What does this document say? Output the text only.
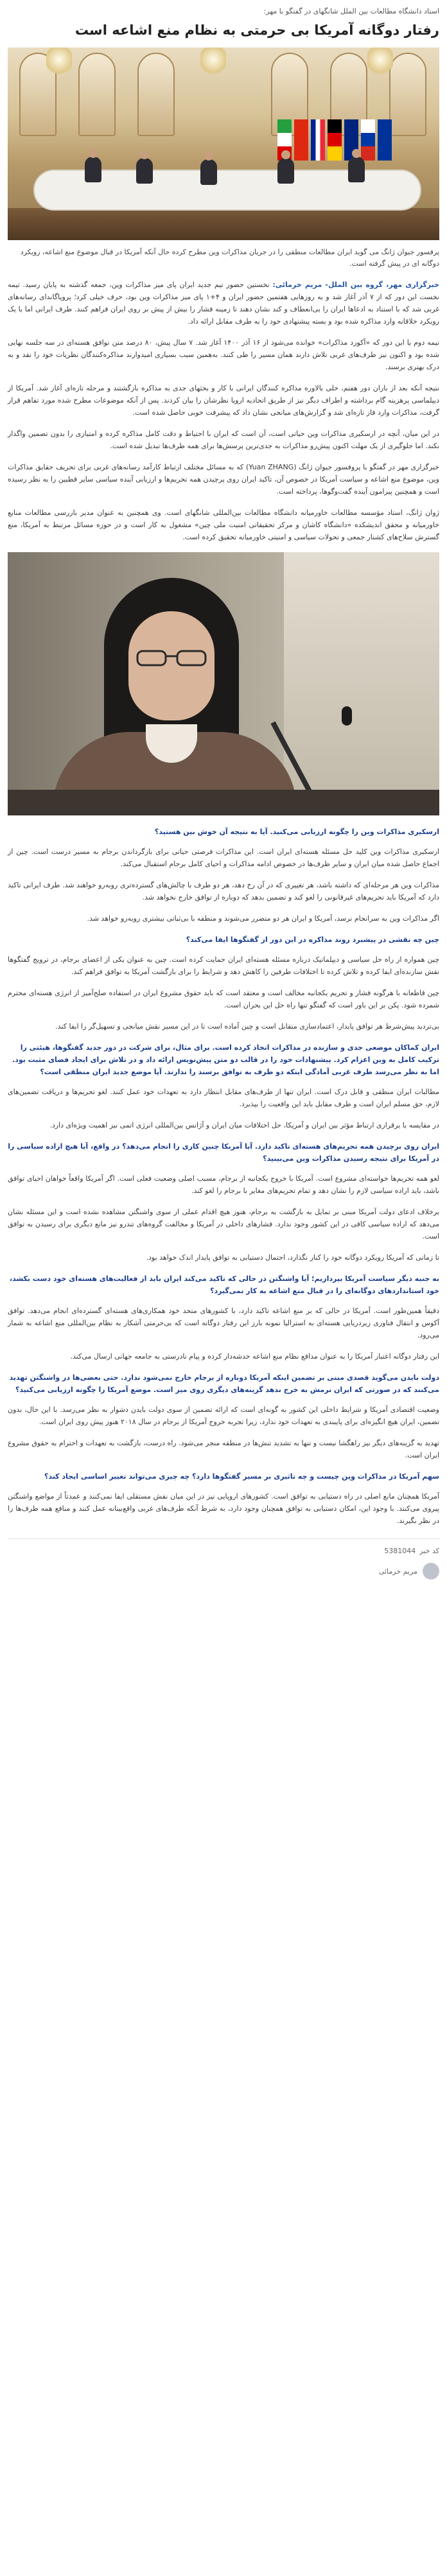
استاد دانشگاه مطالعات بین الملل شانگهای در گفتگو با مهر:
رفتار دوگانه آمریکا بی حرمتی به نظام منع اشاعه است
پرفسور جیوان ژانگ می گوید ایران مطالعات منطقی را در جریان مذاکرات وین مطرح کرده حال آنکه آمریکا در قبال موضوع منع اشاعه، رویکرد دوگانه ای در پیش گرفته است.

خبرگزاری مهر، گروه بین الملل- مریم خرمائی: نخستین حضور تیم جدید ایران پای میز مذاکرات وین، جمعه گذشته به پایان رسید. تیمه نخست این دور که از ۷ آذر آغاز شد و به روزهایی هفتمین حضور ایران و ۴+۱ پای میز مذاکرات وین بود، حرف خیلی کرد؛ پروپاگاندای رسانه‌های غربی شد که با استناد به ادعاها ایران را بی‌انعطاف و کند نشان دهند تا زمینه فشار را بیش از پیش بر روی ایران فراهم کنند. طرف ایرانی اما با یک رویکرد خلاقانه وارد مذاکره شده بود و بسته پیشنهادی خود را به طرف مقابل ارائه داد.

تیمه دوم یا این دور که «آکورد مذاکرات» خوانده می‌شود از ۱۶ آذر ۱۴۰۰ آغاز شد. ۷ سال پیش، ۸۰ درصد متن توافق هسته‌ای در سه جلسه نهایی شده بود و اکنون نیز طرف‌های غربی تلاش دارند همان مسیر را طی کنند. به‌همین سبب بسیاری امیدوارند مذاکره‌کنندگان نظریات خود را نقد و به درک بهتری برسند.

نتیجه آنکه بعد از باران دور هفتم، خلی بالاوره مذاکره کنندگان ایرانی با کار و بحثهای جدی به مذاکره بازگشتند و مرحله تازه‌ای آغاز شد. آمریکا از دیپلماسی پرهزینه گام برداشته و اطراف دیگر نیز از طریق اتحادیه اروپا نظرشان را بیان کردند. پس از آنکه موضوعات مطرح شده مورد تفاهم قرار گرفت، مذاکرات وارد فاز تازه‌ای شد و گزارش‌های میانجی نشان داد که پیشرفت خوبی حاصل شده است.

در این میان، آنچه در ارسکیری مذاکرات وین حیاتی است، آن است که ایران با احتیاط و دقت کامل مذاکره کرده و امتیازی را بدون تضمین واگذار نکند. اما جلوگیری از یک مهلت اکنون پیش‌رو مذاکرات به جدی‌ترین پرسش‌ها برای همه طرف‌ها تبدیل شده است.

خبرگزاری مهر در گفتگو با پروفسور جیوان ژانگ (Yuan ZHANG) که به مسائل مختلف ارتباط کارآمد رسانه‌های غربی برای تحریف حقایق مذاکرات وین، موضوع منع اشاعه و سیاست آمریکا در خصوص آن، تاکید ایران روی پرچیدن همه تحریم‌ها و ارزیابی آینده سیاسی سایر قطبین را به نظر رسیده است و همچنین پیرامون آینده گفت‌وگوها، پرداخته است.

ژوان ژانگ، استاد مؤسسه مطالعات خاورمیانه دانشگاه مطالعات بین‌المللی شانگهای است. وی همچنین به عنوان مدیر بازرسی مطالعات منابع خاورمیانه و محقق اندیشکده «دانشگاه کاشان و مرکز تحقیقاتی امنیت ملی چین» مشغول به کار است و در حوزه مسائل مرتبط به آمریکا، منع گسترش سلاح‌های کشتار جمعی و تحولات سیاسی و امنیتی خاورمیانه تحقیق کرده است.

ارسکیری مذاکرات وین را چگونه ارزیابی می‌کنید. آیا به نتیجه آن خوش بین هستید؟

ارسکیری مذاکرات وین کلید حل مسئله هسته‌ای ایران است. این مذاکرات فرصتی حیاتی برای بازگرداندن برجام به مسیر درست است. چین از اجماع حاصل شده میان ایران و سایر طرف‌ها در خصوص ادامه مذاکرات و احیای کامل برجام استقبال می‌کند.

مذاکرات وین هر مرحله‌ای که داشته باشد، هر تغییری که در آن رخ دهد، هر دو طرف با چالش‌های گسترده‌تری روبه‌رو خواهند شد. طرف ایرانی تاکید دارد که آمریکا باید تحریم‌های غیرقانونی را لغو کند و تضمین بدهد که دوباره از توافق خارج نخواهد شد.

اگر مذاکرات وین به سرانجام نرسد، آمریکا و ایران هر دو متضرر می‌شوند و منطقه با بی‌ثباتی بیشتری روبه‌رو خواهد شد.

چین چه نقشی در پیشبرد روند مذاکره در این دور از گفتگوها ایفا می‌کند؟

چین همواره از راه حل سیاسی و دیپلماتیک درباره مسئله هسته‌ای ایران حمایت کرده است. چین به عنوان یکی از اعضای برجام، در ترویج گفتگوها نقش سازنده‌ای ایفا کرده و تلاش کرده تا اختلافات طرفین را کاهش دهد و شرایط را برای بازگشت آمریکا به توافق فراهم کند.

چین قاطعانه با هرگونه فشار و تحریم یکجانبه مخالف است و معتقد است که باید حقوق مشروع ایران در استفاده صلح‌آمیز از انرژی هسته‌ای محترم شمرده شود. پکن بر این باور است که گفتگو تنها راه حل این بحران است.

بی‌تردید پیش‌شرط هر توافق پایدار، اعتمادسازی متقابل است و چین آماده است تا در این مسیر نقش میانجی و تسهیل‌گر را ایفا کند.

ایران کماکان موضعی جدی و سازنده در مذاکرات اتخاذ کرده است. برای مثال، برای شرکت در دور جدید گفتگوها، هیئتی را ترکیب کامل به وین اعزام کرد. پیشنهادات خود را در قالب دو متن پیش‌نویس ارائه داد و در تلاش برای ایجاد فضای مثبت بود. اما به نظر می‌رسد طرف غربی آمادگی اینکه دو طرف به توافق برسند را ندارند. آیا موضع جدید ایران منطقی است؟

مطالبات ایران منطقی و قابل درک است. ایران تنها از طرف‌های مقابل انتظار دارد به تعهدات خود عمل کنند. لغو تحریم‌ها و دریافت تضمین‌های لازم، حق مسلم ایران است و طرف مقابل باید این واقعیت را بپذیرد.

در مقایسه با برقراری ارتباط مؤثر بین ایران و آمریکا، حل اختلافات میان ایران و آژانس بین‌المللی انرژی اتمی نیز اهمیت ویژه‌ای دارد.

ایران روی برچیدن همه تحریم‌های هسته‌ای تاکید دارد. آیا آمریکا چنین کاری را انجام می‌دهد؟ در واقع، آیا هیچ اراده سیاسی را در آمریکا برای نتیجه رسیدن مذاکرات وین می‌بینید؟

لغو همه تحریم‌ها خواسته‌ای مشروع است. آمریکا با خروج یکجانبه از برجام، مسبب اصلی وضعیت فعلی است. اگر آمریکا واقعاً خواهان احیای توافق باشد، باید اراده سیاسی لازم را نشان دهد و تمام تحریم‌های مغایر با برجام را لغو کند.

برخلاف ادعای دولت آمریکا مبنی بر تمایل به بازگشت به برجام، هنوز هیچ اقدام عملی از سوی واشنگتن مشاهده نشده است و این مسئله نشان می‌دهد که اراده سیاسی کافی در این کشور وجود ندارد. فشارهای داخلی در آمریکا و مخالفت گروه‌های تندرو نیز مانع دیگری برای رسیدن به توافق است.

تا زمانی که آمریکا رویکرد دوگانه خود را کنار نگذارد، احتمال دستیابی به توافق پایدار اندک خواهد بود.

به جنبه دیگر سیاست آمریکا بپردازیم؛ آیا واشنگتن در حالی که تاکید می‌کند ایران باید از فعالیت‌های هسته‌ای خود دست بکشد، خود استانداردهای دوگانه‌ای را در قبال منع اشاعه به کار نمی‌گیرد؟

دقیقاً همین‌طور است. آمریکا در حالی که بر منع اشاعه تاکید دارد، با کشورهای متحد خود همکاری‌های هسته‌ای گسترده‌ای انجام می‌دهد. توافق آکوس و انتقال فناوری زیردریایی هسته‌ای به استرالیا نمونه بارز این رفتار دوگانه است که بی‌حرمتی آشکار به نظام بین‌المللی منع اشاعه به شمار می‌رود.

این رفتار دوگانه اعتبار آمریکا را به عنوان مدافع نظام منع اشاعه خدشه‌دار کرده و پیام نادرستی به جامعه جهانی ارسال می‌کند.

دولت بایدن می‌گوید قصدی مبنی بر تضمین اینکه آمریکا دوباره از برجام خارج نمی‌شود ندارد. حتی بعضی‌ها در واشنگتن تهدید می‌کنند که در صورتی که ایران نرمش به خرج ندهد گزینه‌های دیگری روی میز است. موضع آمریکا را چگونه ارزیابی می‌کنید؟

وضعیت اقتصادی آمریکا و شرایط داخلی این کشور به گونه‌ای است که ارائه تضمین از سوی دولت بایدن دشوار به نظر می‌رسد. با این حال، بدون تضمین، ایران هیچ انگیزه‌ای برای پایبندی به تعهدات خود ندارد، زیرا تجربه خروج آمریکا از برجام در سال ۲۰۱۸ هنوز پیش روی ایران است.

تهدید به گزینه‌های دیگر نیز راهگشا نیست و تنها به تشدید تنش‌ها در منطقه منجر می‌شود. راه درست، بازگشت به تعهدات و احترام به حقوق مشروع ایران است.

سهم آمریکا در مذاکرات وین چیست و چه تاثیری بر مسیر گفتگوها دارد؟ چه چیزی می‌تواند تغییر اساسی ایجاد کند؟

آمریکا همچنان مانع اصلی در راه دستیابی به توافق است. کشورهای اروپایی نیز در این میان نقش مستقلی ایفا نمی‌کنند و عمدتاً از مواضع واشنگتن پیروی می‌کنند. با وجود این، امکان دستیابی به توافق همچنان وجود دارد، به شرط آنکه طرف‌های غربی واقع‌بینانه عمل کنند و منافع همه طرف‌ها را در نظر بگیرند.

کد خبر
5381044
مریم خرمائی
